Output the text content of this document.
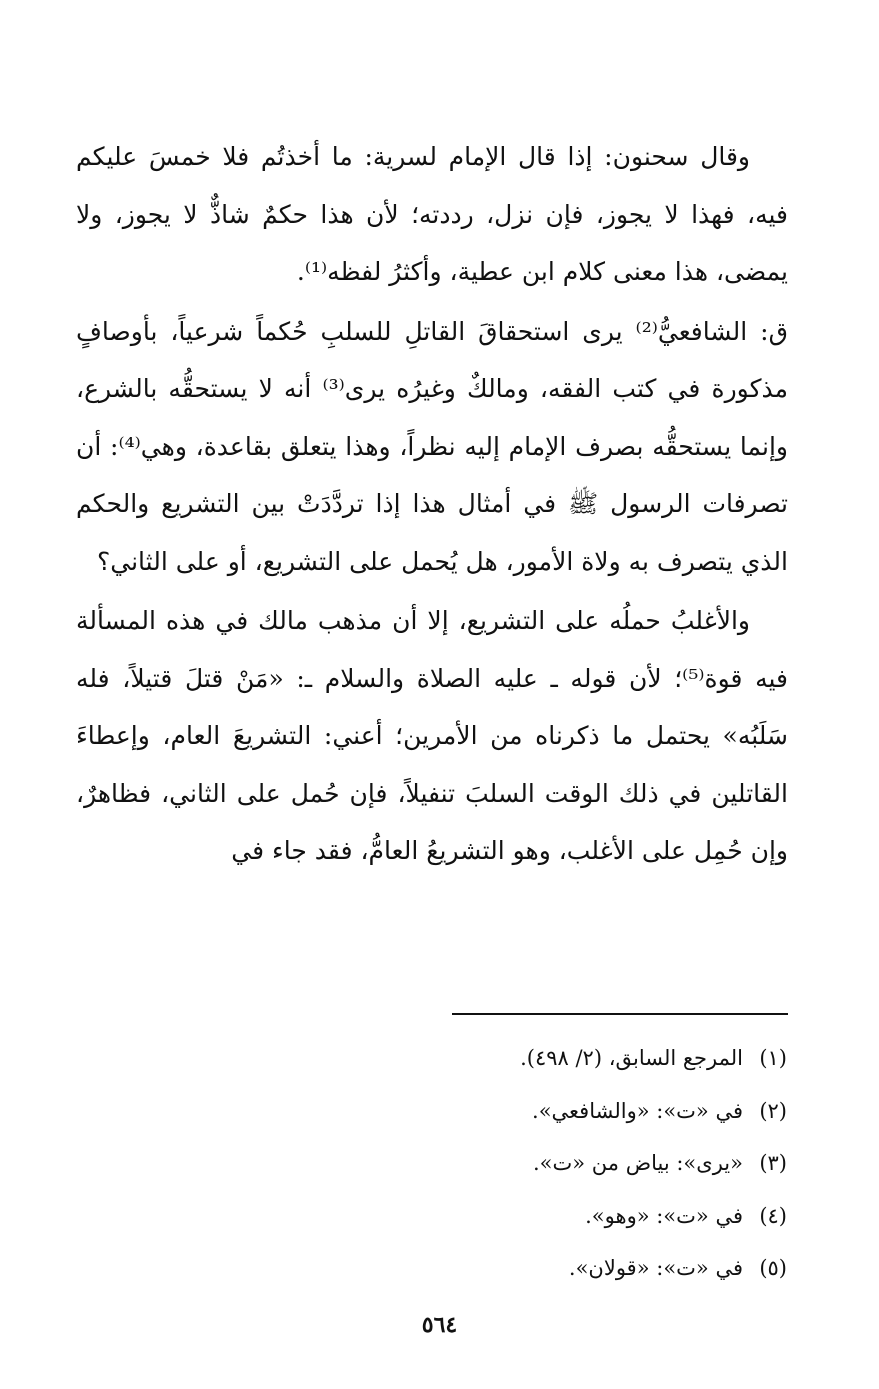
وقال سحنون: إذا قال الإمام لسرية: ما أخذتُم فلا خمسَ عليكم فيه، فهذا لا يجوز، فإن نزل، رددته؛ لأن هذا حكمٌ شاذٌّ لا يجوز، ولا يمضى، هذا معنى كلام ابن عطية، وأكثرُ لفظه⁽¹⁾.

ق: الشافعيُّ⁽²⁾ يرى استحقاقَ القاتلِ للسلبِ حُكماً شرعياً، بأوصافٍ مذكورة في كتب الفقه، ومالكٌ وغيرُه يرى⁽³⁾ أنه لا يستحقُّه بالشرع، وإنما يستحقُّه بصرف الإمام إليه نظراً، وهذا يتعلق بقاعدة، وهي⁽⁴⁾: أن تصرفات الرسول ﷺ في أمثال هذا إذا تردَّدَتْ بين التشريع والحكم الذي يتصرف به ولاة الأمور، هل يُحمل على التشريع، أو على الثاني؟

والأغلبُ حملُه على التشريع، إلا أن مذهب مالك في هذه المسألة فيه قوة⁽⁵⁾؛ لأن قوله ـ عليه الصلاة والسلام ـ: «مَنْ قتلَ قتيلاً، فله سَلَبُه» يحتمل ما ذكرناه من الأمرين؛ أعني: التشريعَ العام، وإعطاءَ القاتلين في ذلك الوقت السلبَ تنفيلاً، فإن حُمل على الثاني، فظاهرٌ، وإن حُمِل على الأغلب، وهو التشريعُ العامُّ، فقد جاء في

(١)المرجع السابق، (٢/ ٤٩٨).
(٢)في «ت»: «والشافعي».
(٣)«يرى»: بياض من «ت».
(٤)في «ت»: «وهو».
(٥)في «ت»: «قولان».
٥٦٤
